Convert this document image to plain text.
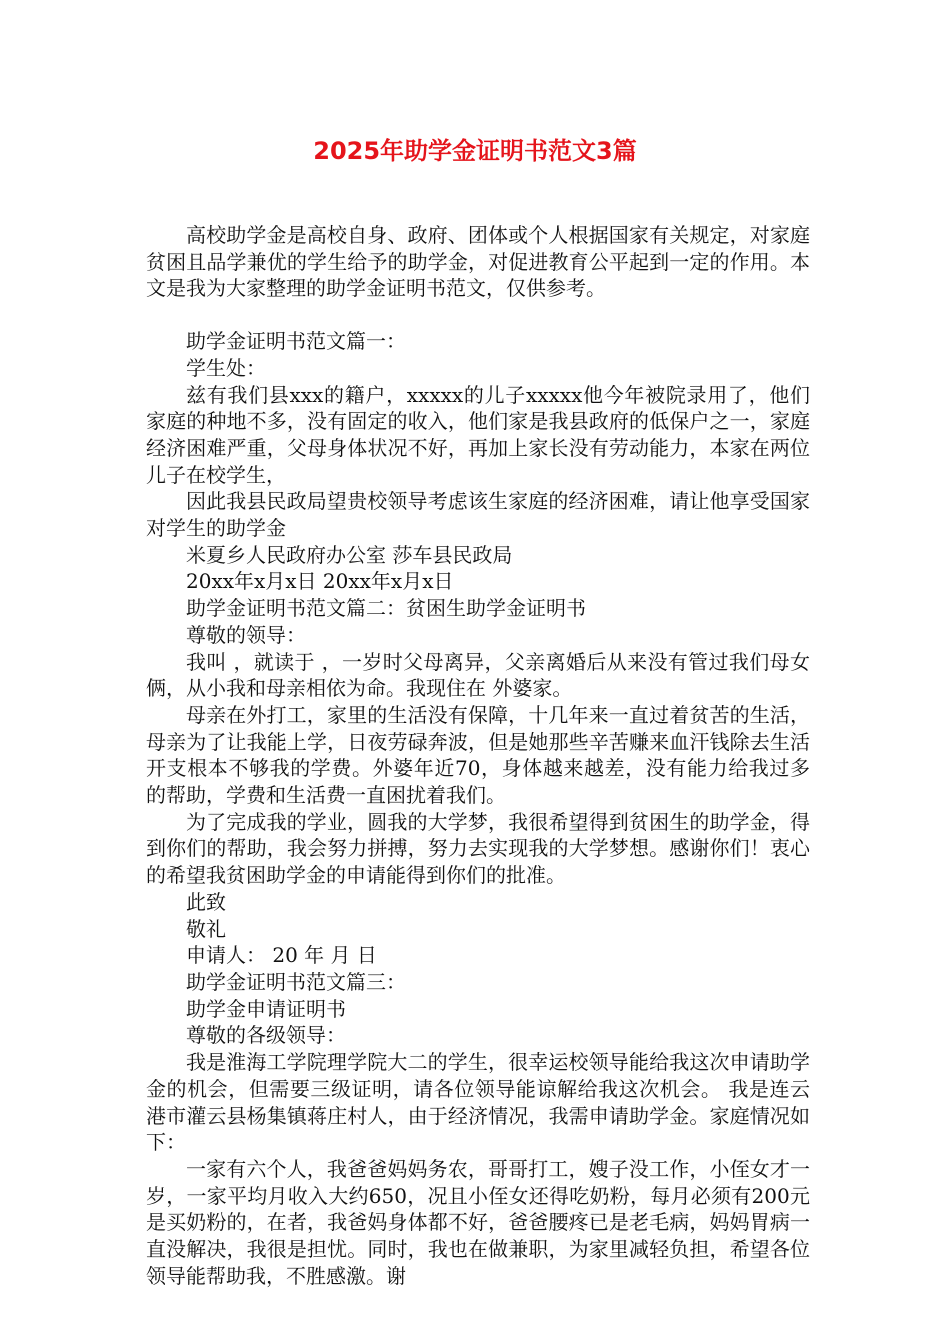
2025年助学金证明书范文3篇

高校助学金是高校自身、政府、团体或个人根据国家有关规定，对家庭贫困且品学兼优的学生给予的助学金，对促进教育公平起到一定的作用。本文是我为大家整理的助学金证明书范文，仅供参考。

助学金证明书范文篇一：

学生处：

兹有我们县xxx的籍户，xxxxx的儿子xxxxx他今年被院录用了，他们家庭的种地不多，没有固定的收入，他们家是我县政府的低保户之一，家庭经济困难严重，父母身体状况不好，再加上家长没有劳动能力，本家在两位儿子在校学生，

因此我县民政局望贵校领导考虑该生家庭的经济困难，请让他享受国家对学生的助学金

米夏乡人民政府办公室 莎车县民政局

20xx年x月x日 20xx年x月x日

助学金证明书范文篇二：贫困生助学金证明书

尊敬的领导：

我叫 ，就读于 ，一岁时父母离异，父亲离婚后从来没有管过我们母女俩，从小我和母亲相依为命。我现住在 外婆家。

母亲在外打工，家里的生活没有保障，十几年来一直过着贫苦的生活，母亲为了让我能上学，日夜劳碌奔波，但是她那些辛苦赚来血汗钱除去生活开支根本不够我的学费。外婆年近70，身体越来越差，没有能力给我过多的帮助，学费和生活费一直困扰着我们。

为了完成我的学业，圆我的大学梦，我很希望得到贫困生的助学金，得到你们的帮助，我会努力拼搏，努力去实现我的大学梦想。感谢你们！衷心的希望我贫困助学金的申请能得到你们的批准。

此致

敬礼

申请人： 20 年 月 日

助学金证明书范文篇三：

助学金申请证明书

尊敬的各级领导：

我是淮海工学院理学院大二的学生，很幸运校领导能给我这次申请助学金的机会，但需要三级证明，请各位领导能谅解给我这次机会。 我是连云港市灌云县杨集镇蒋庄村人，由于经济情况，我需申请助学金。家庭情况如下：

一家有六个人，我爸爸妈妈务农，哥哥打工，嫂子没工作，小侄女才一岁，一家平均月收入大约650，况且小侄女还得吃奶粉，每月必须有200元是买奶粉的，在者，我爸妈身体都不好，爸爸腰疼已是老毛病，妈妈胃病一直没解决，我很是担忧。同时，我也在做兼职，为家里减轻负担，希望各位领导能帮助我，不胜感激。谢
